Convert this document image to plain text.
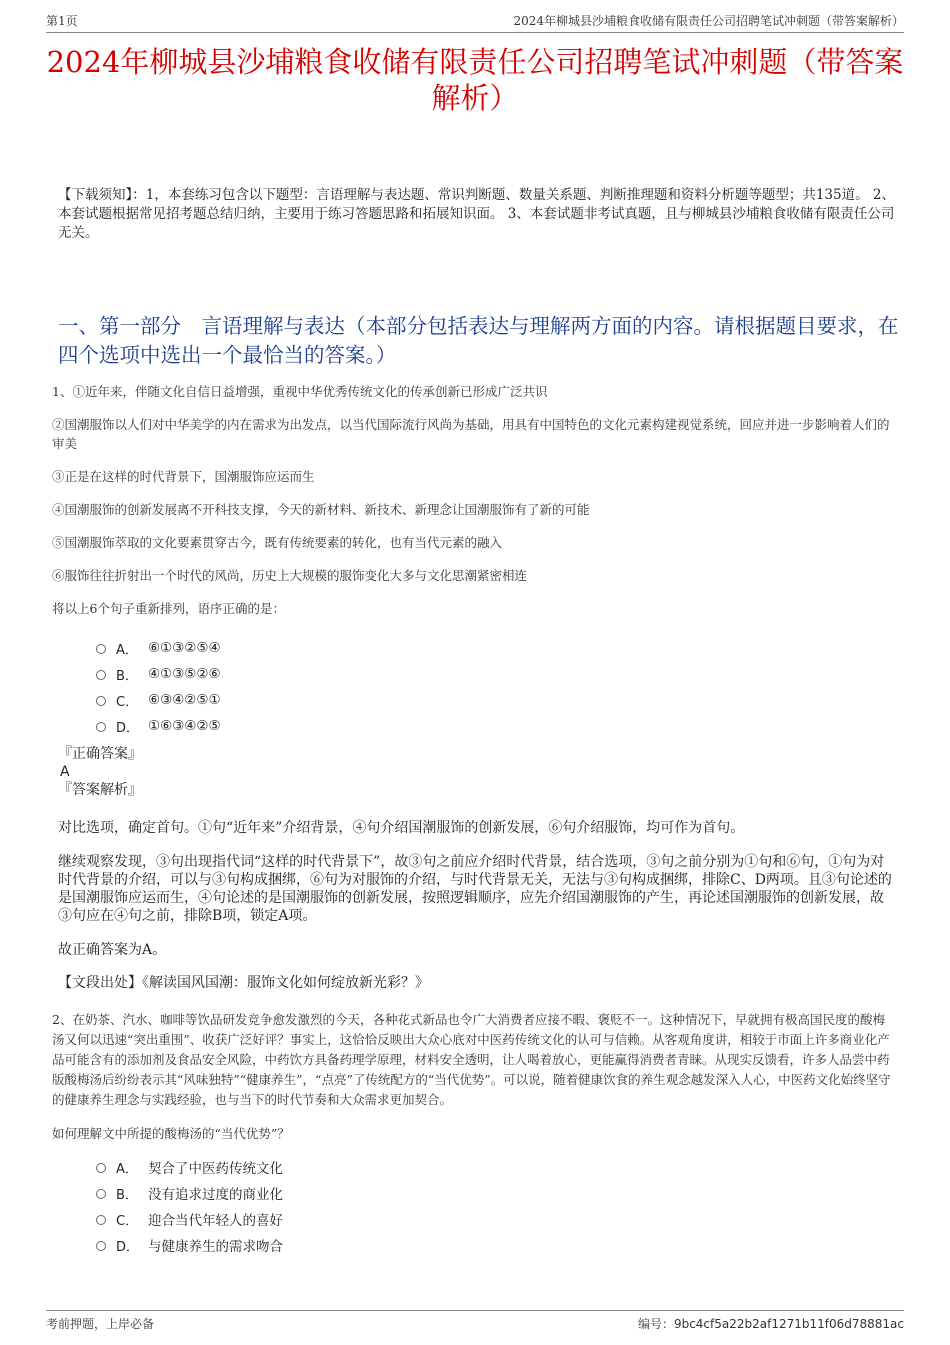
第1页	2024年柳城县沙埔粮食收储有限责任公司招聘笔试冲刺题（带答案解析）
2024年柳城县沙埔粮食收储有限责任公司招聘笔试冲刺题（带答案解析）
【下载须知】：1，本套练习包含以下题型：言语理解与表达题、常识判断题、数量关系题、判断推理题和资料分析题等题型；共135道。 2、本套试题根据常见招考题总结归纳，主要用于练习答题思路和拓展知识面。 3、本套试题非考试真题，且与柳城县沙埔粮食收储有限责任公司无关。
一、第一部分　言语理解与表达（本部分包括表达与理解两方面的内容。请根据题目要求，在四个选项中选出一个最恰当的答案。）

1、①近年来，伴随文化自信日益增强，重视中华优秀传统文化的传承创新已形成广泛共识

②国潮服饰以人们对中华美学的内在需求为出发点，以当代国际流行风尚为基础，用具有中国特色的文化元素构建视觉系统，回应并进一步影响着人们的审美

③正是在这样的时代背景下，国潮服饰应运而生

④国潮服饰的创新发展离不开科技支撑，今天的新材料、新技术、新理念让国潮服饰有了新的可能

⑤国潮服饰萃取的文化要素贯穿古今，既有传统要素的转化，也有当代元素的融入

⑥服饰往往折射出一个时代的风尚，历史上大规模的服饰变化大多与文化思潮紧密相连

将以上6个句子重新排列，语序正确的是：

A． ⑥①③②⑤④
B． ④①③⑤②⑥
C． ⑥③④②⑤①
D． ①⑥③④②⑤

『正确答案』

A

『答案解析』

对比选项，确定首句。①句“近年来”介绍背景，④句介绍国潮服饰的创新发展，⑥句介绍服饰，均可作为首句。
继续观察发现，③句出现指代词“这样的时代背景下”，故③句之前应介绍时代背景，结合选项，③句之前分别为①句和⑥句，①句为对时代背景的介绍，可以与③句构成捆绑，⑥句为对服饰的介绍，与时代背景无关，无法与③句构成捆绑，排除C、D两项。且③句论述的是国潮服饰应运而生，④句论述的是国潮服饰的创新发展，按照逻辑顺序，应先介绍国潮服饰的产生，再论述国潮服饰的创新发展，故③句应在④句之前，排除B项，锁定A项。
故正确答案为A。
【文段出处】《解读国风国潮：服饰文化如何绽放新光彩？》

2、在奶茶、汽水、咖啡等饮品研发竞争愈发激烈的今天，各种花式新品也令广大消费者应接不暇、褒贬不一。这种情况下，早就拥有极高国民度的酸梅汤又何以迅速“突出重围”、收获广泛好评？事实上，这恰恰反映出大众心底对中医药传统文化的认可与信赖。从客观角度讲，相较于市面上许多商业化产品可能含有的添加剂及食品安全风险，中药饮方具备药理学原理，材料安全透明，让人喝着放心，更能赢得消费者青睐。从现实反馈看，许多人品尝中药版酸梅汤后纷纷表示其“风味独特”“健康养生”，“点亮”了传统配方的“当代优势”。可以说，随着健康饮食的养生观念越发深入人心，中医药文化始终坚守的健康养生理念与实践经验，也与当下的时代节奏和大众需求更加契合。

如何理解文中所提的酸梅汤的“当代优势”？

A． 契合了中医药传统文化
B． 没有追求过度的商业化
C． 迎合当代年轻人的喜好
D． 与健康养生的需求吻合
考前押题，上岸必备	编号：9bc4cf5a22b2af1271b11f06d78881ac
